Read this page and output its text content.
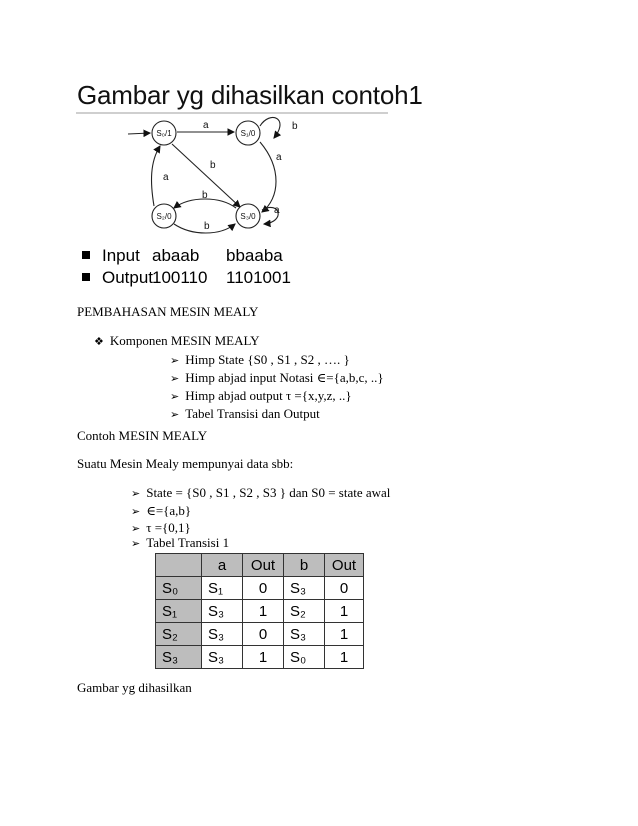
Gambar yg dihasilkan contoh1
S₀/1	S₁/0
S₂/0	S₃/0
a	b
a
b
a
b
b
a
Input abaab bbaaba
Output
100110 1101001
PEMBAHASAN MESIN MEALY
❖ Komponen MESIN MEALY
➢ Himp State {S0 , S1 , S2 , …. }
➢ Himp abjad input Notasi ∈={a,b,c, ..}
➢ Himp abjad output τ ={x,y,z, ..}
➢ Tabel Transisi dan Output
Contoh MESIN MEALY
Suatu Mesin Mealy mempunyai data sbb:
➢ State = {S0 , S1 , S2 , S3 } dan S0 = state awal
➢ ∈={a,b}
➢ τ ={0,1}
➢ Tabel Transisi 1
	a	Out	b	Out
S₀	S₁	0	S₃	0
S₁	S₃	1	S₂	1
S₂	S₃	0	S₃	1
S₃	S₃	1	S₀	1
Gambar yg dihasilkan
